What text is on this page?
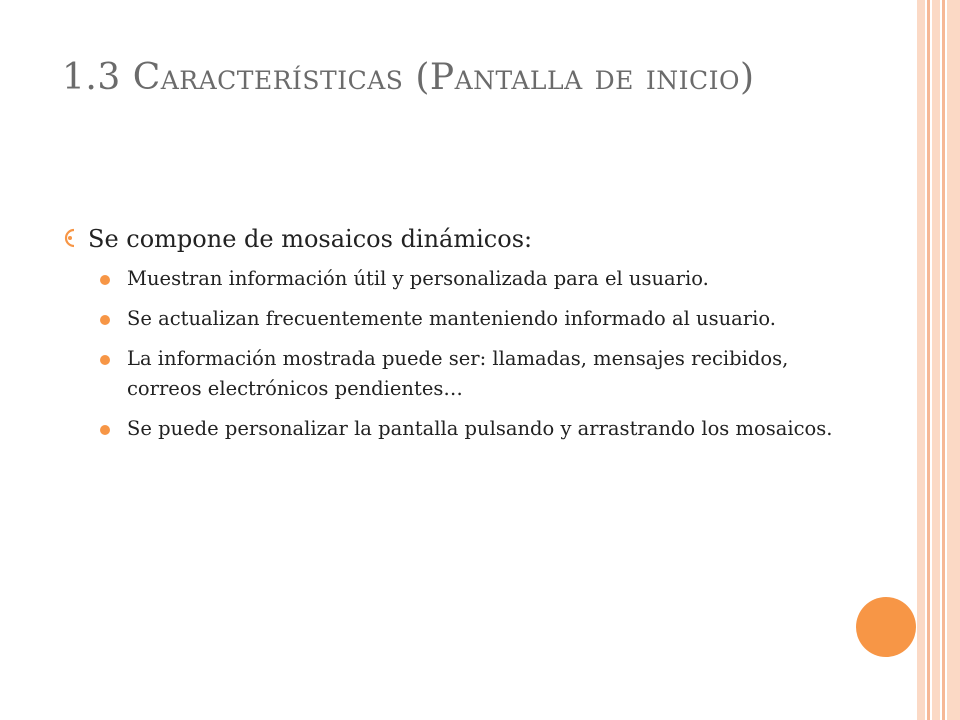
1.3 Características (Pantalla de inicio)
Se compone de mosaicos dinámicos:
Muestran información útil y personalizada para el usuario.
Se actualizan frecuentemente manteniendo informado al usuario.
La información mostrada puede ser: llamadas, mensajes recibidos, correos electrónicos pendientes…
Se puede personalizar la pantalla pulsando y arrastrando los mosaicos.
